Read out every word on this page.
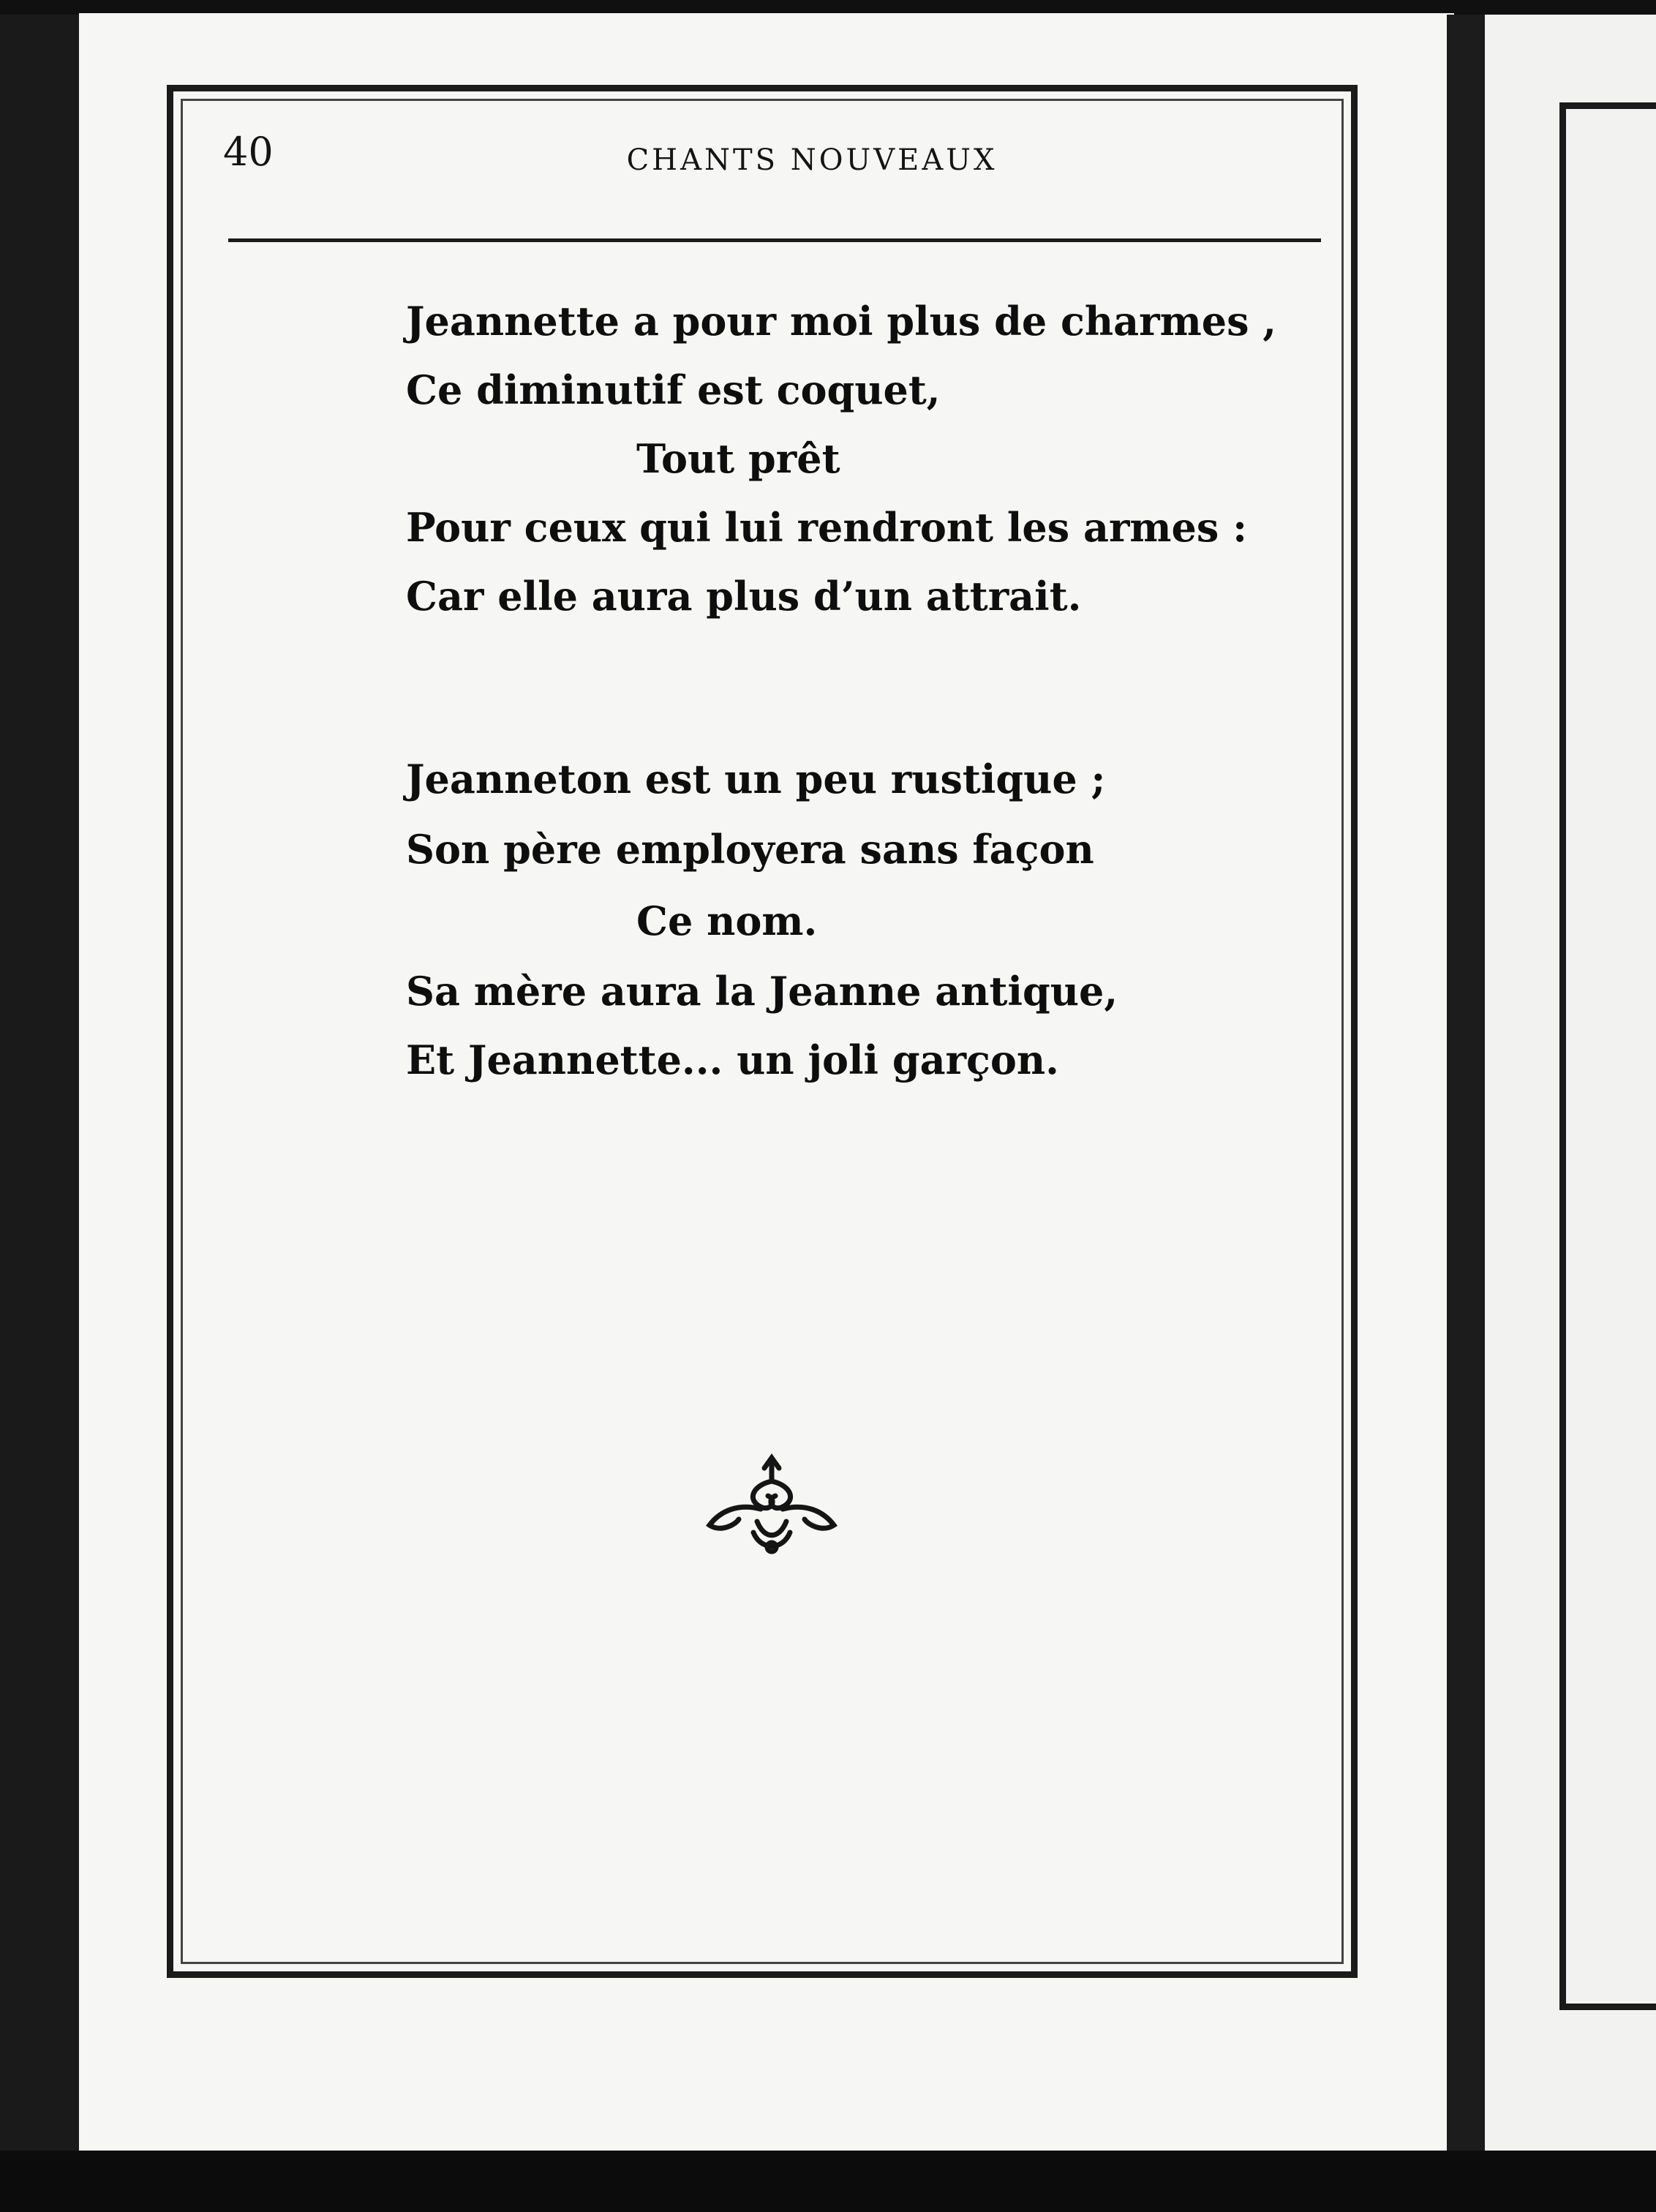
40	CHANTS NOUVEAUX
Jeannette a pour moi plus de charmes ,
Ce diminutif est coquet,
Tout prêt
Pour ceux qui lui rendront les armes :
Car elle aura plus d’un attrait.
Jeanneton est un peu rustique ;
Son père employera sans façon
Ce nom.
Sa mère aura la Jeanne antique,
Et Jeannette... un joli garçon.
